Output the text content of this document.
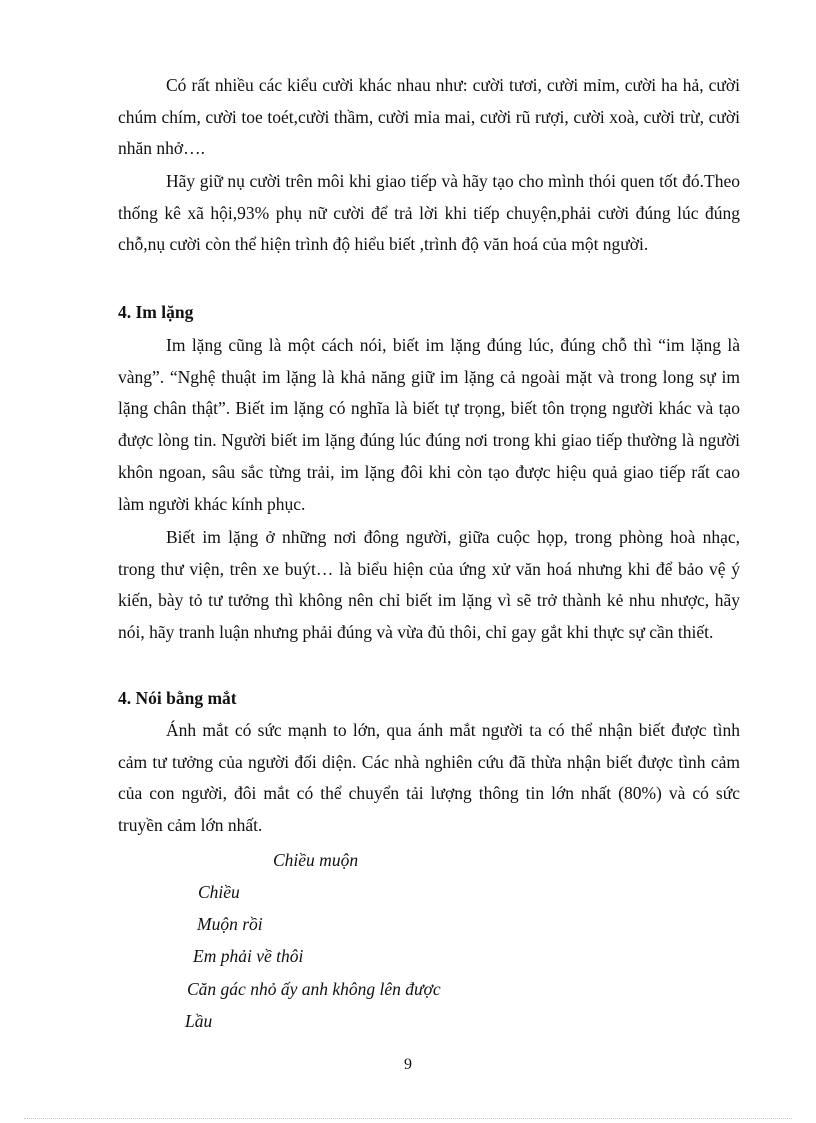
Có rất nhiều các kiểu cười khác nhau như: cười tươi, cười mỉm, cười ha hả, cười chúm chím, cười toe toét,cười thầm, cười mỉa mai, cười rũ rượi, cười xoà, cười trừ, cười nhăn nhở….

Hãy giữ nụ cười trên môi khi giao tiếp và hãy tạo cho mình thói quen tốt đó.Theo thống kê xã hội,93% phụ nữ cười để trả lời khi tiếp chuyện,phải cười đúng lúc đúng chỗ,nụ cười còn thể hiện trình độ hiểu biết ,trình độ văn hoá của một người.

4. Im lặng

Im lặng cũng là một cách nói, biết im lặng đúng lúc, đúng chỗ thì “im lặng là vàng”. “Nghệ thuật im lặng là khả năng giữ im lặng cả ngoài mặt và trong long sự im lặng chân thật”. Biết im lặng có nghĩa là biết tự trọng, biết tôn trọng người khác và tạo được lòng tin. Người biết im lặng đúng lúc đúng nơi trong khi giao tiếp thường là người khôn ngoan, sâu sắc từng trải, im lặng đôi khi còn tạo được hiệu quả giao tiếp rất cao làm người khác kính phục.

Biết im lặng ở những nơi đông người, giữa cuộc họp, trong phòng hoà nhạc, trong thư viện, trên xe buýt… là biểu hiện của ứng xử văn hoá nhưng khi để bảo vệ ý kiến, bày tỏ tư tưởng thì không nên chỉ biết im lặng vì sẽ trở thành kẻ nhu nhược, hãy nói, hãy tranh luận nhưng phải đúng và vừa đủ thôi, chỉ gay gắt khi thực sự cần thiết.

4. Nói bằng mắt

Ánh mắt có sức mạnh to lớn, qua ánh mắt người ta có thể nhận biết được tình cảm tư tưởng của người đối diện. Các nhà nghiên cứu đã thừa nhận biết được tình cảm của con người, đôi mắt có thể chuyển tải lượng thông tin lớn nhất (80%) và có sức truyền cảm lớn nhất.

Chiều muộn

Chiều

Muộn rồi

Em phải về thôi

Căn gác nhỏ ấy anh không lên được

Lầu

9
